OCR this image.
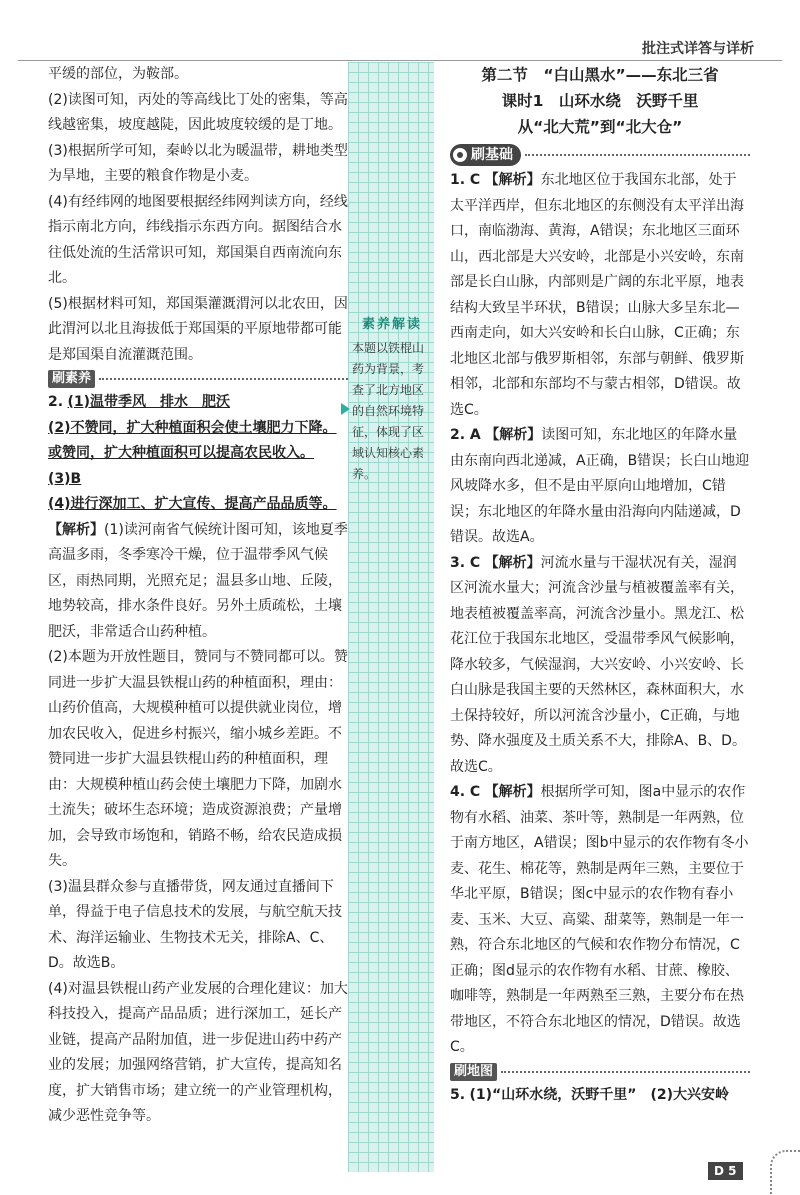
批注式详答与详析
素养解读
本题以铁棍山药为背景，考查了北方地区的自然环境特征，体现了区域认知核心素养。

平缓的部位，为鞍部。

(2)读图可知，丙处的等高线比丁处的密集，等高线越密集，坡度越陡，因此坡度较缓的是丁地。

(3)根据所学可知，秦岭以北为暖温带，耕地类型为旱地，主要的粮食作物是小麦。

(4)有经纬网的地图要根据经纬网判读方向，经线指示南北方向，纬线指示东西方向。据图结合水往低处流的生活常识可知，郑国渠自西南流向东北。

(5)根据材料可知，郑国渠灌溉渭河以北农田，因此渭河以北且海拔低于郑国渠的平原地带都可能是郑国渠自流灌溉范围。

刷素养

2. (1)温带季风　排水　肥沃

(2)不赞同，扩大种植面积会使土壤肥力下降。或赞同，扩大种植面积可以提高农民收入。

(3)B

(4)进行深加工、扩大宣传、提高产品品质等。

【解析】(1)读河南省气候统计图可知，该地夏季高温多雨，冬季寒冷干燥，位于温带季风气候区，雨热同期，光照充足；温县多山地、丘陵，地势较高，排水条件良好。另外土质疏松，土壤肥沃，非常适合山药种植。

(2)本题为开放性题目，赞同与不赞同都可以。赞同进一步扩大温县铁棍山药的种植面积，理由：山药价值高，大规模种植可以提供就业岗位，增加农民收入，促进乡村振兴，缩小城乡差距。不赞同进一步扩大温县铁棍山药的种植面积，理由：大规模种植山药会使土壤肥力下降，加剧水土流失；破坏生态环境；造成资源浪费；产量增加，会导致市场饱和，销路不畅，给农民造成损失。

(3)温县群众参与直播带货，网友通过直播间下单，得益于电子信息技术的发展，与航空航天技术、海洋运输业、生物技术无关，排除A、C、D。故选B。

(4)对温县铁棍山药产业发展的合理化建议：加大科技投入，提高产品品质；进行深加工，延长产业链，提高产品附加值，进一步促进山药中药产业的发展；加强网络营销，扩大宣传，提高知名度，扩大销售市场；建立统一的产业管理机构，减少恶性竞争等。

第二节　“白山黑水”——东北三省
课时1　山环水绕　沃野千里
从“北大荒”到“北大仓”
刷基础

1. C 【解析】东北地区位于我国东北部，处于太平洋西岸，但东北地区的东侧没有太平洋出海口，南临渤海、黄海，A错误；东北地区三面环山，西北部是大兴安岭，北部是小兴安岭，东南部是长白山脉，内部则是广阔的东北平原，地表结构大致呈半环状，B错误；山脉大多呈东北—西南走向，如大兴安岭和长白山脉，C正确；东北地区北部与俄罗斯相邻，东部与朝鲜、俄罗斯相邻，北部和东部均不与蒙古相邻，D错误。故选C。

2. A 【解析】读图可知，东北地区的年降水量由东南向西北递减，A正确，B错误；长白山地迎风坡降水多，但不是由平原向山地增加，C错误；东北地区的年降水量由沿海向内陆递减，D错误。故选A。

3. C 【解析】河流水量与干湿状况有关，湿润区河流水量大；河流含沙量与植被覆盖率有关，地表植被覆盖率高，河流含沙量小。黑龙江、松花江位于我国东北地区，受温带季风气候影响，降水较多，气候湿润，大兴安岭、小兴安岭、长白山脉是我国主要的天然林区，森林面积大，水土保持较好，所以河流含沙量小，C正确，与地势、降水强度及土质关系不大，排除A、B、D。故选C。

4. C 【解析】根据所学可知，图a中显示的农作物有水稻、油菜、茶叶等，熟制是一年两熟，位于南方地区，A错误；图b中显示的农作物有冬小麦、花生、棉花等，熟制是两年三熟，主要位于华北平原，B错误；图c中显示的农作物有春小麦、玉米、大豆、高粱、甜菜等，熟制是一年一熟，符合东北地区的气候和农作物分布情况，C正确；图d显示的农作物有水稻、甘蔗、橡胶、咖啡等，熟制是一年两熟至三熟，主要分布在热带地区，不符合东北地区的情况，D错误。故选C。

刷地图

5. (1)“山环水绕，沃野千里”　(2)大兴安岭

D 5
